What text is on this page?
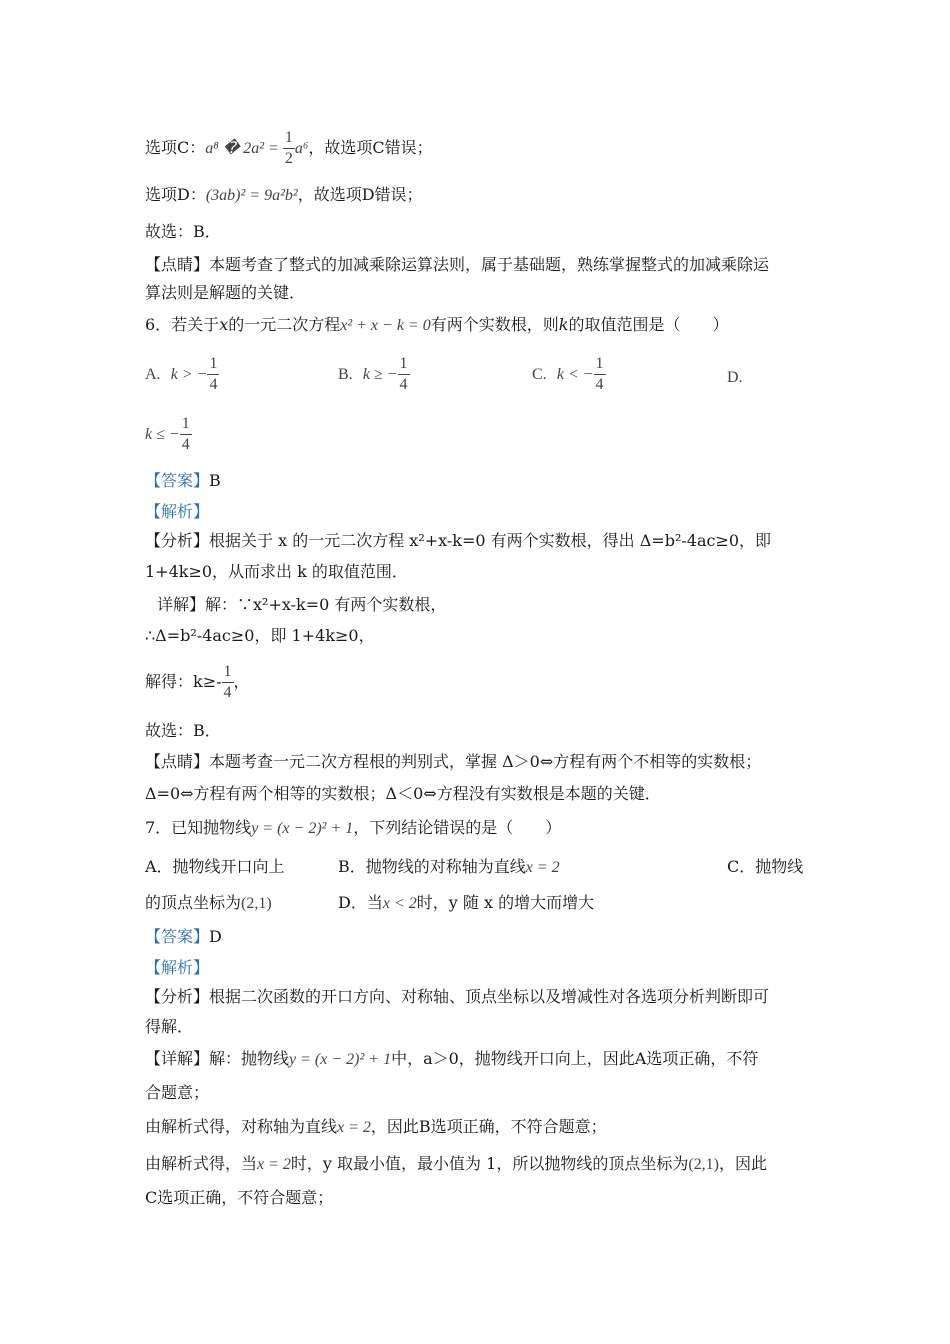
选项C：a⁸ � $2a^2 = \frac{1}{2} a^6$，故选项C错误；
选项D：(3ab)² = 9a²b²，故选项D错误；
故选：B．
【点睛】本题考查了整式的加减乘除运算法则，属于基础题，熟练掌握整式的加减乘除运
算法则是解题的关键．
6．若关于x的一元二次方程x² + x − k = 0有两个实数根，则k的取值范围是（　　）
A. k > − $\frac{1}{4}$	B. k ≥ − $\frac{1}{4}$	C. k < − $\frac{1}{4}$	D.
k ≤ − $\frac{1}{4}$
【答案】B
【解析】
【分析】根据关于 x 的一元二次方程 x²+x-k=0 有两个实数根，得出 Δ=b²-4ac≥0，即
1+4k≥0，从而求出 k 的取值范围．
详解】解：∵x²+x-k=0 有两个实数根，
∴Δ=b²-4ac≥0，即 1+4k≥0，
解得：$k\ge- \frac{1}{4}$ ，
故选：B．
【点睛】本题考查一元二次方程根的判别式，掌握 Δ＞0⇔方程有两个不相等的实数根；
Δ=0⇔方程有两个相等的实数根；Δ＜0⇔方程没有实数根是本题的关键．
7．已知抛物线y = (x − 2)² + 1，下列结论错误的是（　　）
A．抛物线开口向上	B．抛物线的对称轴为直线x = 2	C．抛物线
的顶点坐标为(2,1)	D．当x < 2时，y 随 x 的增大而增大
【答案】D
【解析】
【分析】根据二次函数的开口方向、对称轴、顶点坐标以及增减性对各选项分析判断即可
得解．
【详解】解：抛物线y = (x − 2)² + 1中，a＞0，抛物线开口向上，因此A选项正确，不符
合题意；
由解析式得，对称轴为直线x = 2，因此B选项正确，不符合题意；
由解析式得，当x = 2时，y 取最小值，最小值为 1，所以抛物线的顶点坐标为(2,1)，因此
C选项正确，不符合题意；
